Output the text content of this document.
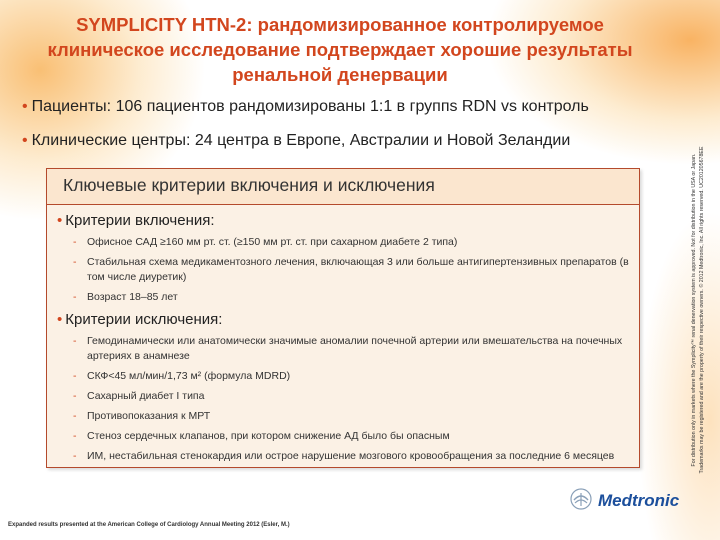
SYMPLICITY HTN-2: рандомизированное контролируемое
клиническое исследование подтверждает хорошие результаты
ренальной денервации
• Пациенты: 106 пациентов рандомизированы 1:1 в группs RDN vs контроль
• Клинические центры: 24 центра в Европе, Австралии и Новой Зеландии
Ключевые критерии включения и исключения
• Критерии включения:
- Офисное САД ≥160 мм рт. ст. (≥150 мм рт. ст. при сахарном диабете 2 типа)
- Стабильная схема медикаментозного лечения, включающая 3 или больше антигипертензивных препаратов (в том числе диуретик)
- Возраст 18–85 лет
• Критерии исключения:
- Гемодинамически или анатомически значимые аномалии почечной артерии или вмешательства на почечных артериях в анамнезе
- СКФ<45 мл/мин/1,73 м² (формула MDRD)
- Сахарный диабет I типа
- Противопоказания к МРТ
- Стеноз сердечных клапанов, при котором снижение АД было бы опасным
- ИМ, нестабильная стенокардия или острое нарушение мозгового кровообращения за последние 6 месяцев	For distribution only in markets where the Symplicity™ renal denervation system is approved. Not for distribution in the USA or Japan. Trademarks may be registered and are the property of their respective owners. © 2012 Medtronic, Inc. All rights reserved. UC201205678EE
Expanded results presented at the American College of Cardiology Annual Meeting 2012 (Esler, M.)
Medtronic
